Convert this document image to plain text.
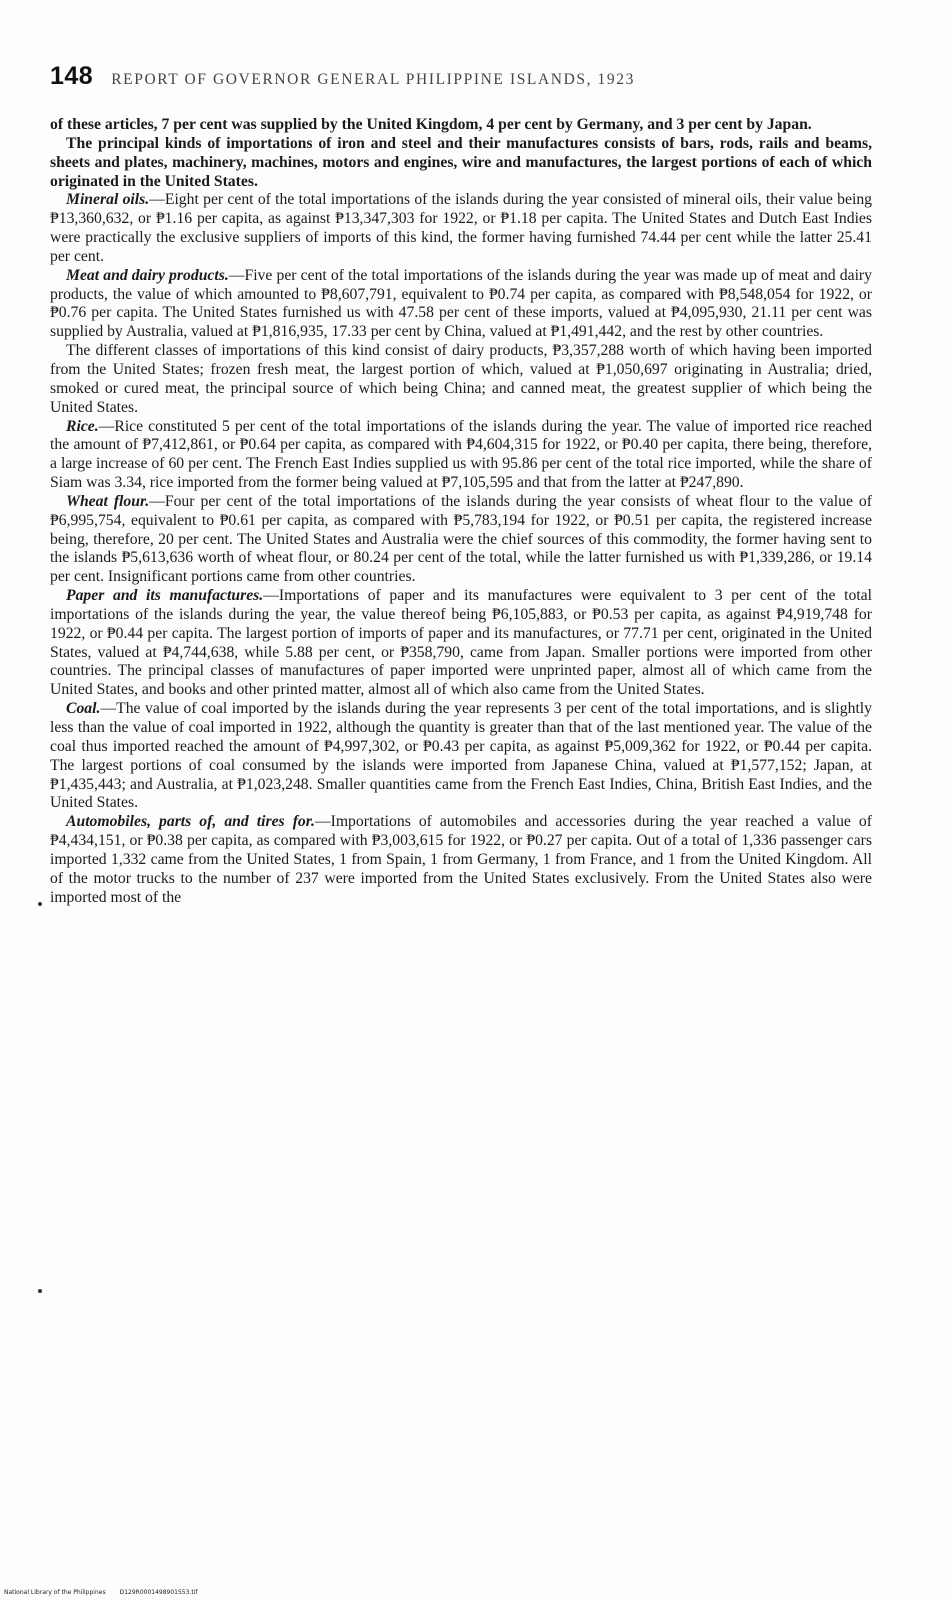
148 REPORT OF GOVERNOR GENERAL PHILIPPINE ISLANDS, 1923

of these articles, 7 per cent was supplied by the United Kingdom, 4 per cent by Germany, and 3 per cent by Japan.

The principal kinds of importations of iron and steel and their manufactures consists of bars, rods, rails and beams, sheets and plates, machinery, machines, motors and engines, wire and manufactures, the largest portions of each of which originated in the United States.

Mineral oils.—Eight per cent of the total importations of the islands during the year consisted of mineral oils, their value being ₱13,360,632, or ₱1.16 per capita, as against ₱13,347,303 for 1922, or ₱1.18 per capita. The United States and Dutch East Indies were practically the exclusive suppliers of imports of this kind, the former having furnished 74.44 per cent while the latter 25.41 per cent.

Meat and dairy products.—Five per cent of the total importations of the islands during the year was made up of meat and dairy products, the value of which amounted to ₱8,607,791, equivalent to ₱0.74 per capita, as compared with ₱8,548,054 for 1922, or ₱0.76 per capita. The United States furnished us with 47.58 per cent of these imports, valued at ₱4,095,930, 21.11 per cent was supplied by Australia, valued at ₱1,816,935, 17.33 per cent by China, valued at ₱1,491,442, and the rest by other countries.

The different classes of importations of this kind consist of dairy products, ₱3,357,288 worth of which having been imported from the United States; frozen fresh meat, the largest portion of which, valued at ₱1,050,697 originating in Australia; dried, smoked or cured meat, the principal source of which being China; and canned meat, the greatest supplier of which being the United States.

Rice.—Rice constituted 5 per cent of the total importations of the islands during the year. The value of imported rice reached the amount of ₱7,412,861, or ₱0.64 per capita, as compared with ₱4,604,315 for 1922, or ₱0.40 per capita, there being, therefore, a large increase of 60 per cent. The French East Indies supplied us with 95.86 per cent of the total rice imported, while the share of Siam was 3.34, rice imported from the former being valued at ₱7,105,595 and that from the latter at ₱247,890.

Wheat flour.—Four per cent of the total importations of the islands during the year consists of wheat flour to the value of ₱6,995,754, equivalent to ₱0.61 per capita, as compared with ₱5,783,194 for 1922, or ₱0.51 per capita, the registered increase being, therefore, 20 per cent. The United States and Australia were the chief sources of this commodity, the former having sent to the islands ₱5,613,636 worth of wheat flour, or 80.24 per cent of the total, while the latter furnished us with ₱1,339,286, or 19.14 per cent. Insignificant portions came from other countries.

Paper and its manufactures.—Importations of paper and its manufactures were equivalent to 3 per cent of the total importations of the islands during the year, the value thereof being ₱6,105,883, or ₱0.53 per capita, as against ₱4,919,748 for 1922, or ₱0.44 per capita. The largest portion of imports of paper and its manufactures, or 77.71 per cent, originated in the United States, valued at ₱4,744,638, while 5.88 per cent, or ₱358,790, came from Japan. Smaller portions were imported from other countries. The principal classes of manufactures of paper imported were unprinted paper, almost all of which came from the United States, and books and other printed matter, almost all of which also came from the United States.

Coal.—The value of coal imported by the islands during the year represents 3 per cent of the total importations, and is slightly less than the value of coal imported in 1922, although the quantity is greater than that of the last mentioned year. The value of the coal thus imported reached the amount of ₱4,997,302, or ₱0.43 per capita, as against ₱5,009,362 for 1922, or ₱0.44 per capita. The largest portions of coal consumed by the islands were imported from Japanese China, valued at ₱1,577,152; Japan, at ₱1,435,443; and Australia, at ₱1,023,248. Smaller quantities came from the French East Indies, China, British East Indies, and the United States.

Automobiles, parts of, and tires for.—Importations of automobiles and accessories during the year reached a value of ₱4,434,151, or ₱0.38 per capita, as compared with ₱3,003,615 for 1922, or ₱0.27 per capita. Out of a total of 1,336 passenger cars imported 1,332 came from the United States, 1 from Spain, 1 from Germany, 1 from France, and 1 from the United Kingdom. All of the motor trucks to the number of 237 were imported from the United States exclusively. From the United States also were imported most of the

National Library of the Philippines D129R0001498901553.tif
